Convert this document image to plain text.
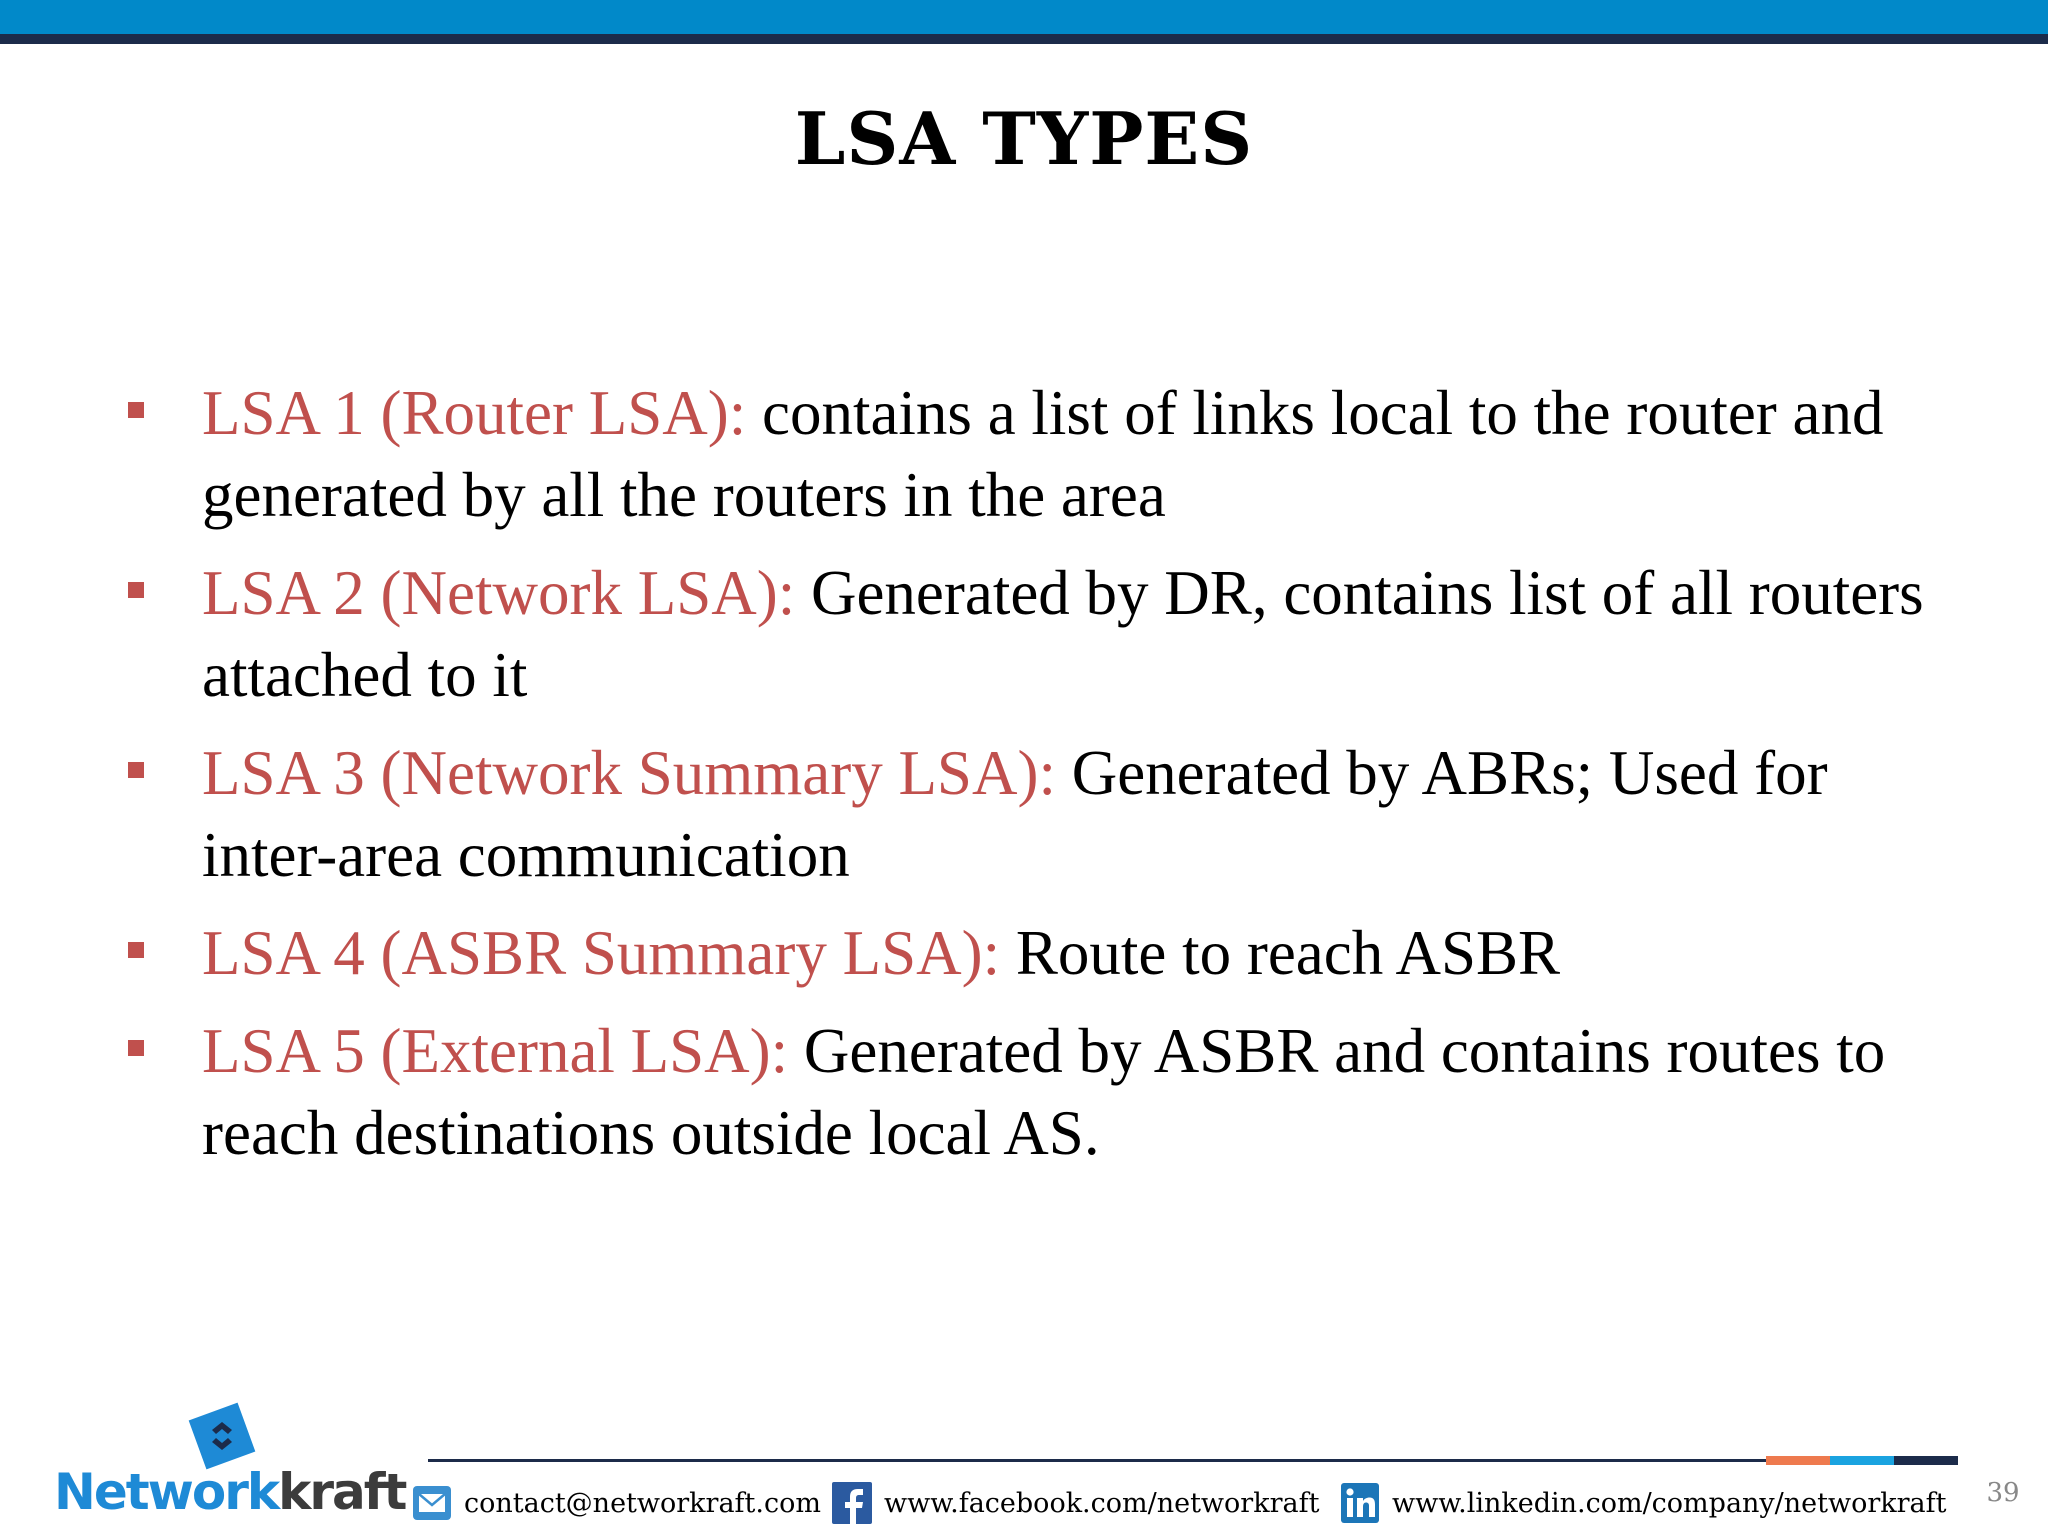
LSA TYPES
LSA 1 (Router LSA): contains a list of links local to the router and generated by all the routers in the area
LSA 2 (Network LSA): Generated by DR, contains list of all routers attached to it
LSA 3 (Network Summary LSA): Generated by ABRs; Used for inter-area communication
LSA 4 (ASBR Summary LSA): Route to reach ASBR
LSA 5 (External LSA): Generated by ASBR and contains routes to reach destinations outside local AS.
Networkkraft contact@networkraft.com www.facebook.com/networkraft	www.linkedin.com/company/networkraft	39
